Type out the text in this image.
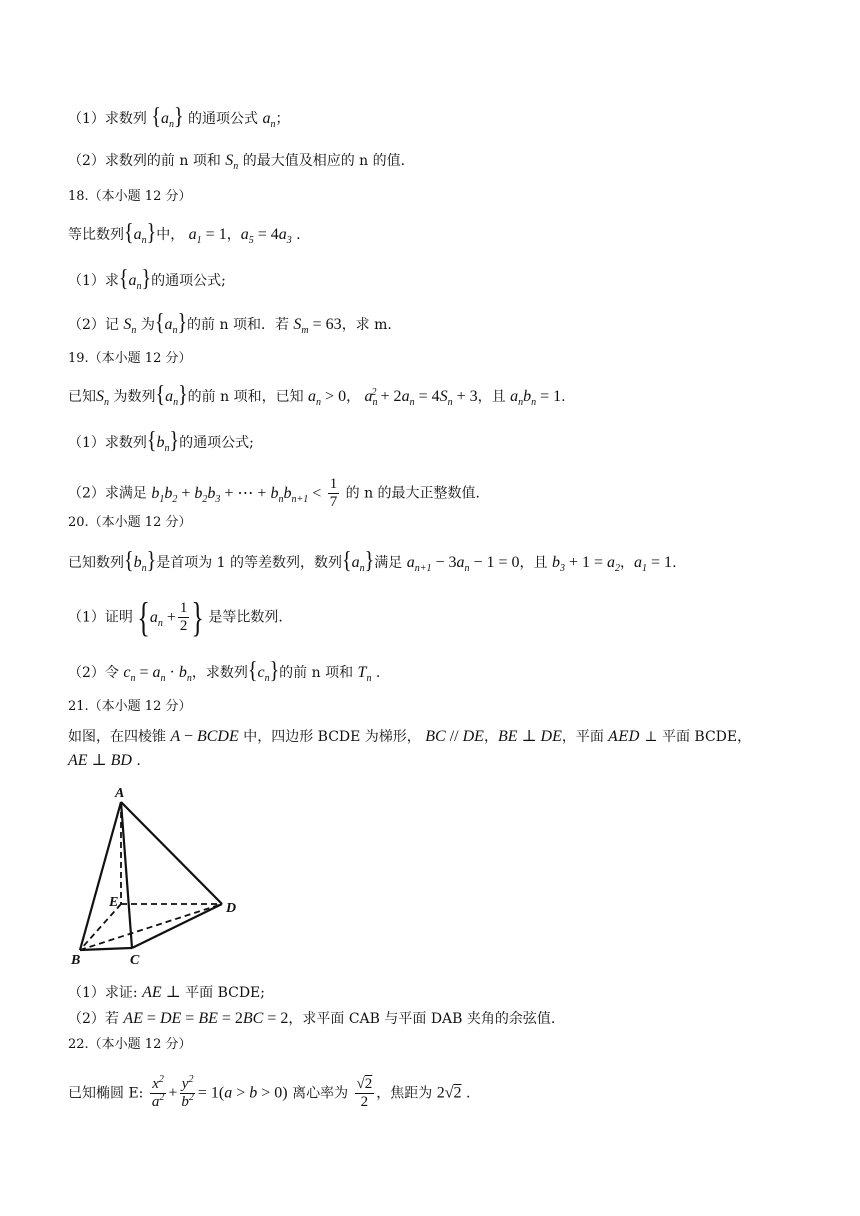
（1）求数列 $\{a_n\}$ 的通项公式 $a_n$；
（2）求数列的前 n 项和 $S_n$ 的最大值及相应的 n 的值.
18.（本小题 12 分）
等比数列$\{a_n\}$中， $a_1 = 1$，$a_5 = 4a_3$ .
（1）求$\{a_n\}$的通项公式;
（2）记 $S_n$ 为$\{a_n\}$的前 n 项和．若 $S_m = 63$，求 m.
19.（本小题 12 分）
已知$S_n$ 为数列$\{a_n\}$的前 n 项和，已知 $a_n > 0$， $a_n^2 + 2a_n = 4S_n + 3$，且 $a_nb_n = 1$.
（1）求数列$\{b_n\}$的通项公式;
（2）求满足 $b_1b_2 + b_2b_3$ + ⋯ + $b_nb_{n+1} < \frac{1}{7}$ 的 n 的最大正整数值.
20.（本小题 12 分）
已知数列$\{b_n\}$是首项为 1 的等差数列，数列$\{a_n\}$满足 $a_{n+1} - 3a_n - 1 = 0$，且 $b_3 + 1 = a_2$，$a_1 = 1$.
（1）证明 {$a_n + \frac{1}{2}$ } 是等比数列.
（2）令 $c_n = a_n \cdot b_n$，求数列$\{c_n\}$的前 n 项和 $T_n$ .
21.（本小题 12 分）
如图，在四棱锥 A − BCDE 中，四边形 BCDE 为梯形， BC // DE，BE ⊥ DE，平面 AED ⊥ 平面 BCDE，
AE ⊥ BD .
A
B	C
D
E
（1）求证: AE ⊥ 平面 BCDE;
（2）若 AE = DE = BE = 2BC = 2，求平面 CAB 与平面 DAB 夹角的余弦值.
22.（本小题 12 分）
已知椭圆 E: $\frac{x^2}{a^2} + \frac{y^2}{b^2} = 1(a > b > 0)$ 离心率为 $\frac{√2}{2}$ ，焦距为 2√2 .
